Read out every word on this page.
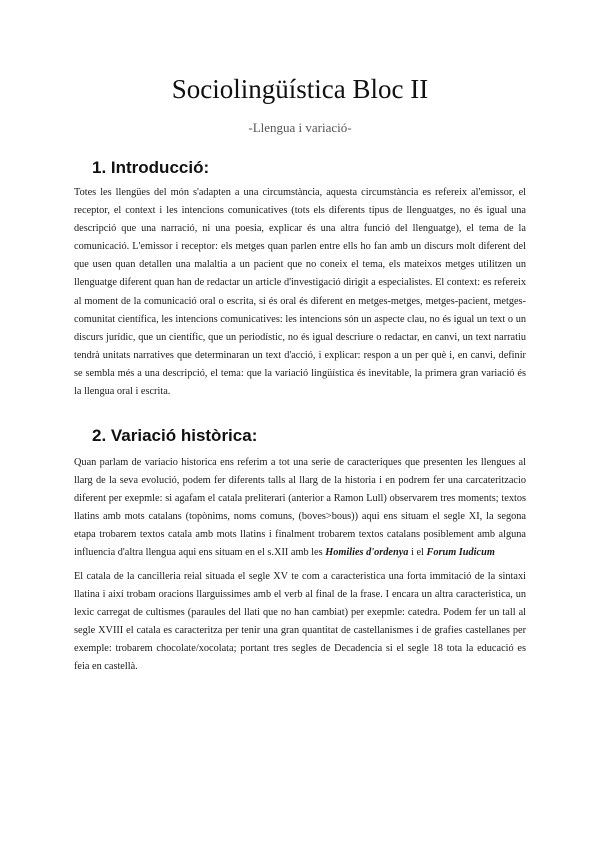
Sociolingüística Bloc II
-Llengua i variació-
1. Introducció:

Totes les llengües del món s'adapten a una circumstància, aquesta circumstància es refereix al'emissor, el receptor, el context i les intencions comunicatives (tots els diferents tipus de llenguatges, no és igual una descripció que una narració, ni una poesia, explicar és una altra funció del llenguatge), el tema de la comunicació. L'emissor i receptor: els metges quan parlen entre ells ho fan amb un discurs molt diferent del que usen quan detallen una malaltia a un pacient que no coneix el tema, els mateixos metges utilitzen un llenguatge diferent quan han de redactar un article d'investigació dirigit a especialistes. El context: es refereix al moment de la comunicació oral o escrita, si és oral és diferent en metges-metges, metges-pacient, metges-comunitat científica, les intencions comunicatives: les intencions són un aspecte clau, no és igual un text o un discurs jurídic, que un científic, que un periodístic, no és igual descriure o redactar, en canvi, un text narratiu tendrà unitats narratives que determinaran un text d'acció, i explicar: respon a un per què i, en canvi, definir se sembla més a una descripció, el tema: que la variació lingüística és inevitable, la primera gran variació és la llengua oral i escrita.

2. Variació històrica:

Quan parlam de variacio historica ens referim a tot una serie de caracteriques que presenten les llengues al llarg de la seva evolució, podem fer diferents talls al llarg de la historia i en podrem fer una carcateritzacio diferent per exepmle: si agafam el catala preliterari (anterior a Ramon Lull) observarem tres moments; textos llatins amb mots catalans (topònims, noms comuns, (boves>bous)) aqui ens situam el segle XI, la segona etapa trobarem textos catala amb mots llatins i finalment trobarem textos catalans posiblement amb alguna influencia d'altra llengua aqui ens situam en el s.XII amb les Homilies d'ordenya i el Forum Iudicum

El catala de la cancilleria reial situada el segle XV te com a caracteristica una forta immitació de la sintaxi llatina i així trobam oracions llarguissimes amb el verb al final de la frase. I encara un altra caracteristica, un lexic carregat de cultismes (paraules del llati que no han cambiat) per exepmle: catedra. Podem fer un tall al segle XVIII el catala es caracteritza per tenir una gran quantitat de castellanismes i de grafies castellanes per exemple: trobarem chocolate/xocolata; portant tres segles de Decadencia si el segle 18 tota la educació es feia en castellà.
